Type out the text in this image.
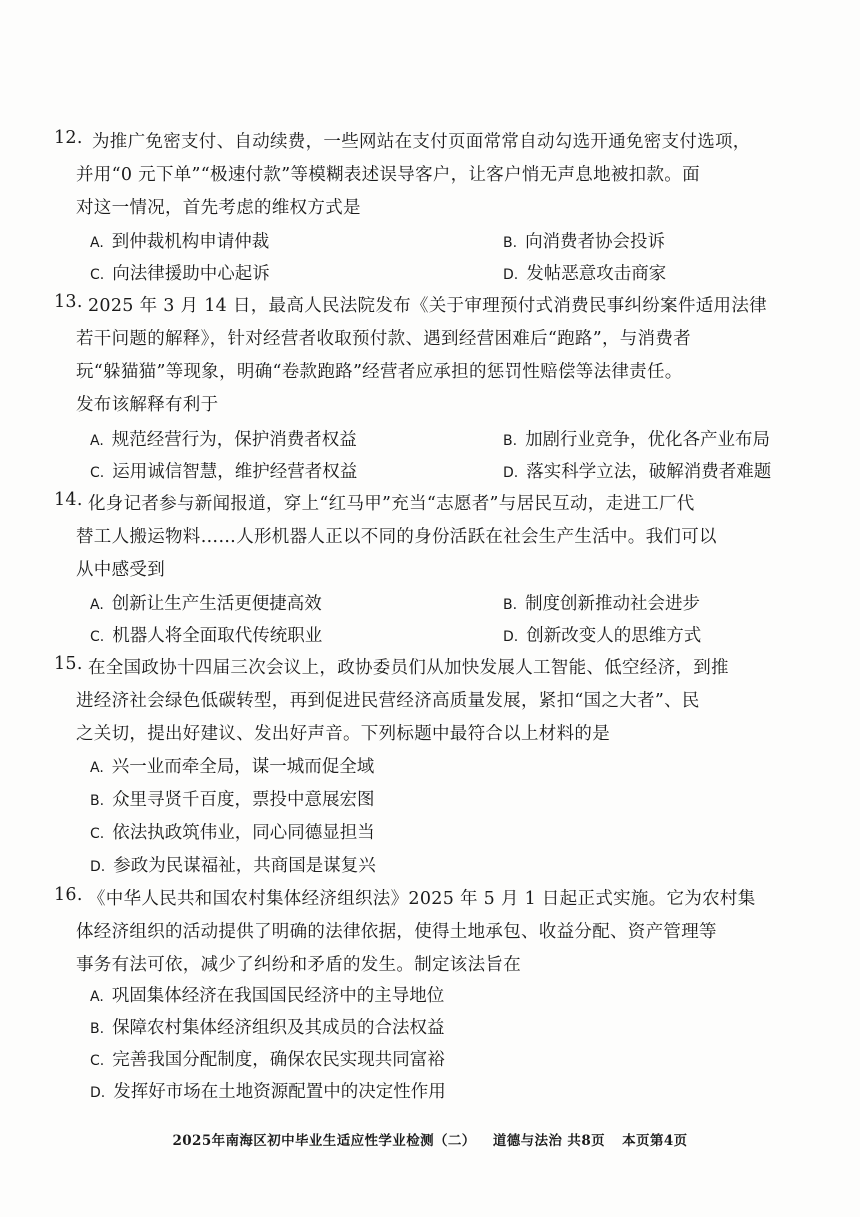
12. 为推广免密支付、自动续费，一些网站在支付页面常常自动勾选开通免密支付选项，
并用“0 元下单”“极速付款”等模糊表述误导客户，让客户悄无声息地被扣款。面
对这一情况，首先考虑的维权方式是
A. 到仲裁机构申请仲裁	B. 向消费者协会投诉
C. 向法律援助中心起诉	D. 发帖恶意攻击商家
13. 2025 年 3 月 14 日，最高人民法院发布《关于审理预付式消费民事纠纷案件适用法律
若干问题的解释》，针对经营者收取预付款、遇到经营困难后“跑路”，与消费者
玩“躲猫猫”等现象，明确“卷款跑路”经营者应承担的惩罚性赔偿等法律责任。
发布该解释有利于
A. 规范经营行为，保护消费者权益	B. 加剧行业竞争，优化各产业布局
C. 运用诚信智慧，维护经营者权益	D. 落实科学立法，破解消费者难题
14. 化身记者参与新闻报道，穿上“红马甲”充当“志愿者”与居民互动，走进工厂代
替工人搬运物料……人形机器人正以不同的身份活跃在社会生产生活中。我们可以
从中感受到
A. 创新让生产生活更便捷高效	B. 制度创新推动社会进步
C. 机器人将全面取代传统职业	D. 创新改变人的思维方式
15. 在全国政协十四届三次会议上，政协委员们从加快发展人工智能、低空经济，到推
进经济社会绿色低碳转型，再到促进民营经济高质量发展，紧扣“国之大者”、民
之关切，提出好建议、发出好声音。下列标题中最符合以上材料的是
A. 兴一业而牵全局，谋一城而促全域
B. 众里寻贤千百度，票投中意展宏图
C. 依法执政筑伟业，同心同德显担当
D. 参政为民谋福祉，共商国是谋复兴
16. 《中华人民共和国农村集体经济组织法》2025 年 5 月 1 日起正式实施。它为农村集
体经济组织的活动提供了明确的法律依据，使得土地承包、收益分配、资产管理等
事务有法可依，减少了纠纷和矛盾的发生。制定该法旨在
A. 巩固集体经济在我国国民经济中的主导地位
B. 保障农村集体经济组织及其成员的合法权益
C. 完善我国分配制度，确保农民实现共同富裕
D. 发挥好市场在土地资源配置中的决定性作用
2025年南海区初中毕业生适应性学业检测（二） 道德与法治 共8页 本页第4页
